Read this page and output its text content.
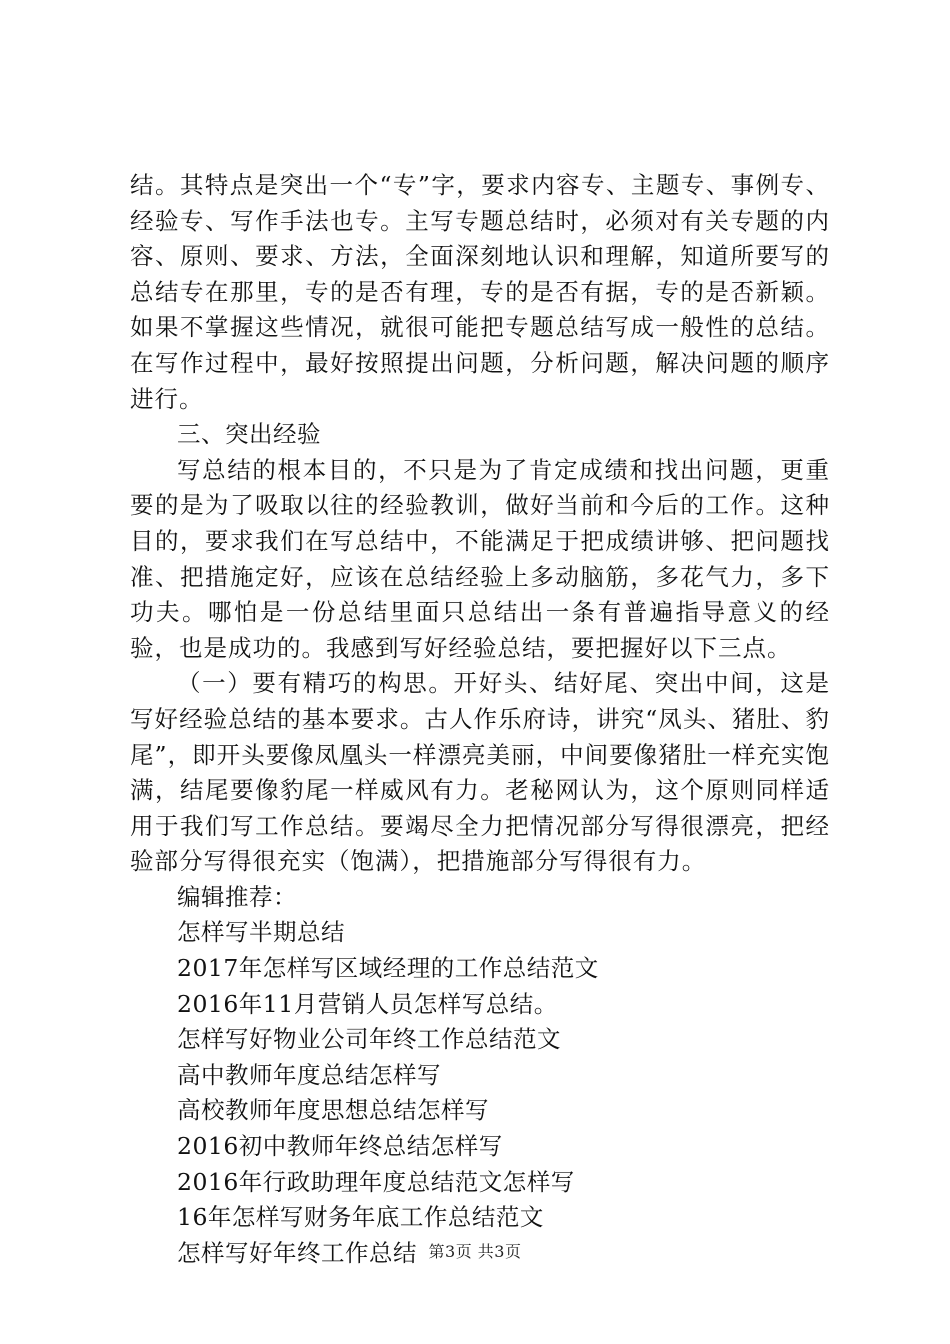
结。其特点是突出一个“专”字，要求内容专、主题专、事例专、经验专、写作手法也专。主写专题总结时，必须对有关专题的内容、原则、要求、方法，全面深刻地认识和理解，知道所要写的总结专在那里，专的是否有理，专的是否有据，专的是否新颖。如果不掌握这些情况，就很可能把专题总结写成一般性的总结。在写作过程中，最好按照提出问题，分析问题，解决问题的顺序进行。

三、突出经验

写总结的根本目的，不只是为了肯定成绩和找出问题，更重要的是为了吸取以往的经验教训，做好当前和今后的工作。这种目的，要求我们在写总结中，不能满足于把成绩讲够、把问题找准、把措施定好，应该在总结经验上多动脑筋，多花气力，多下功夫。哪怕是一份总结里面只总结出一条有普遍指导意义的经验，也是成功的。我感到写好经验总结，要把握好以下三点。

（一）要有精巧的构思。开好头、结好尾、突出中间，这是写好经验总结的基本要求。古人作乐府诗，讲究“凤头、猪肚、豹尾”，即开头要像凤凰头一样漂亮美丽，中间要像猪肚一样充实饱满，结尾要像豹尾一样威风有力。老秘网认为，这个原则同样适用于我们写工作总结。要竭尽全力把情况部分写得很漂亮，把经验部分写得很充实（饱满），把措施部分写得很有力。

编辑推荐：

怎样写半期总结

2017年怎样写区域经理的工作总结范文

2016年11月营销人员怎样写总结。

怎样写好物业公司年终工作总结范文

高中教师年度总结怎样写

高校教师年度思想总结怎样写

2016初中教师年终总结怎样写

2016年行政助理年度总结范文怎样写

16年怎样写财务年底工作总结范文

怎样写好年终工作总结 第3页 共3页
